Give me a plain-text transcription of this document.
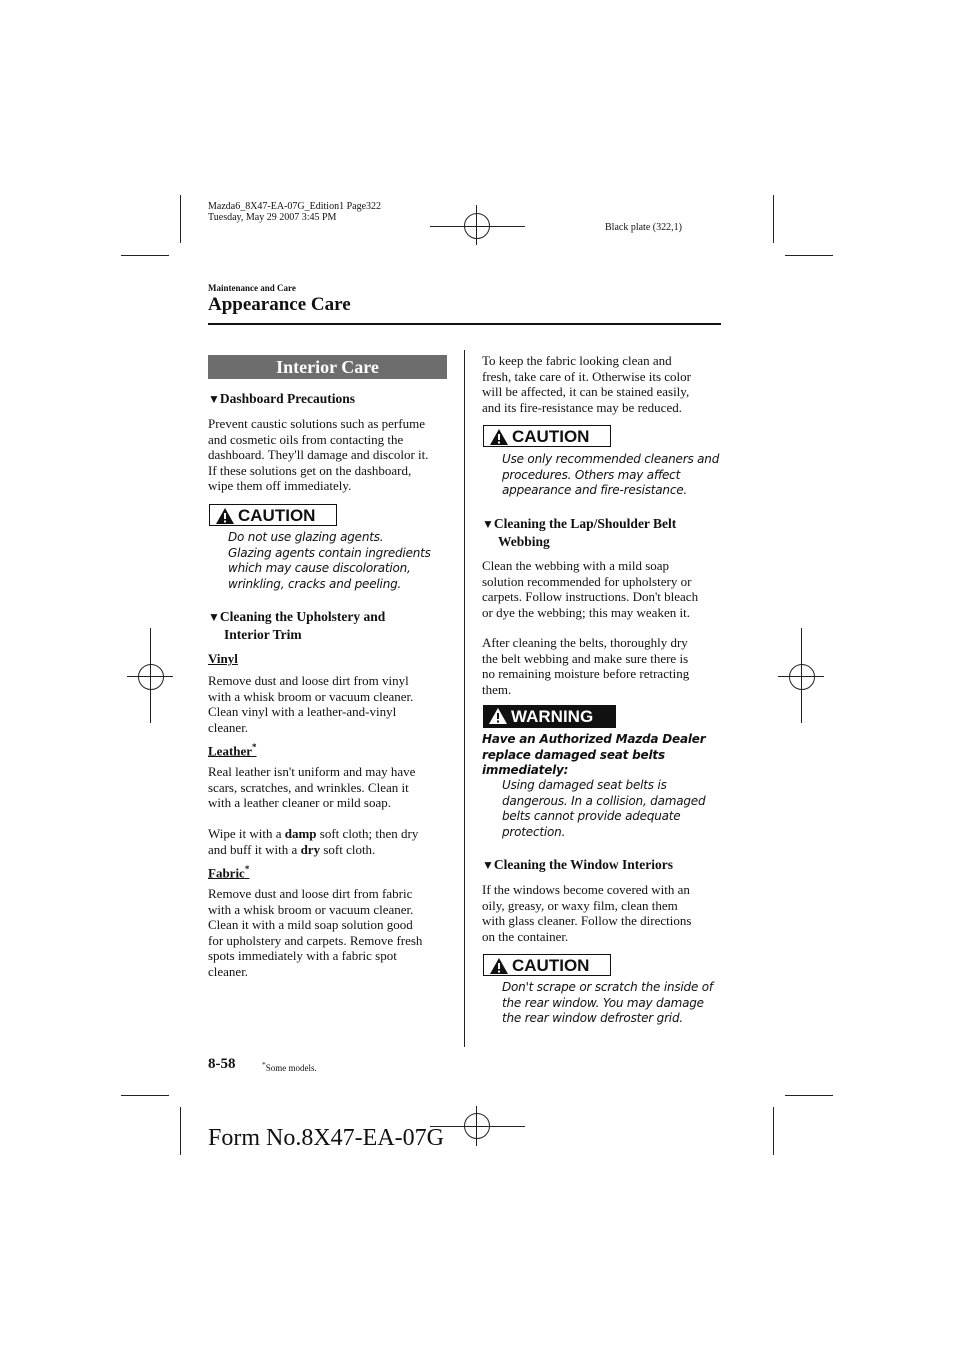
Mazda6_8X47-EA-07G_Edition1 Page322
Tuesday, May 29 2007 3:45 PM
Black plate (322,1)
Maintenance and Care
Appearance Care
Interior Care
▼Dashboard Precautions
Prevent caustic solutions such as perfume
and cosmetic oils from contacting the
dashboard. They'll damage and discolor it.
If these solutions get on the dashboard,
wipe them off immediately.
CAUTION
Do not use glazing agents.
Glazing agents contain ingredients
which may cause discoloration,
wrinkling, cracks and peeling.
▼Cleaning the Upholstery and
Interior Trim
Vinyl
Remove dust and loose dirt from vinyl
with a whisk broom or vacuum cleaner.
Clean vinyl with a leather-and-vinyl
cleaner.
Leather*
Real leather isn't uniform and may have
scars, scratches, and wrinkles. Clean it
with a leather cleaner or mild soap.
Wipe it with a damp soft cloth; then dry
and buff it with a dry soft cloth.
Fabric*
Remove dust and loose dirt from fabric
with a whisk broom or vacuum cleaner.
Clean it with a mild soap solution good
for upholstery and carpets. Remove fresh
spots immediately with a fabric spot
cleaner.
To keep the fabric looking clean and
fresh, take care of it. Otherwise its color
will be affected, it can be stained easily,
and its fire-resistance may be reduced.
CAUTION
Use only recommended cleaners and
procedures. Others may affect
appearance and fire-resistance.
▼Cleaning the Lap/Shoulder Belt
Webbing
Clean the webbing with a mild soap
solution recommended for upholstery or
carpets. Follow instructions. Don't bleach
or dye the webbing; this may weaken it.
After cleaning the belts, thoroughly dry
the belt webbing and make sure there is
no remaining moisture before retracting
them.
WARNING
Have an Authorized Mazda Dealer
replace damaged seat belts
immediately:
Using damaged seat belts is
dangerous. In a collision, damaged
belts cannot provide adequate
protection.
▼Cleaning the Window Interiors
If the windows become covered with an
oily, greasy, or waxy film, clean them
with glass cleaner. Follow the directions
on the container.
CAUTION
Don't scrape or scratch the inside of
the rear window. You may damage
the rear window defroster grid.
8-58	*Some models.
Form No.8X47-EA-07G
